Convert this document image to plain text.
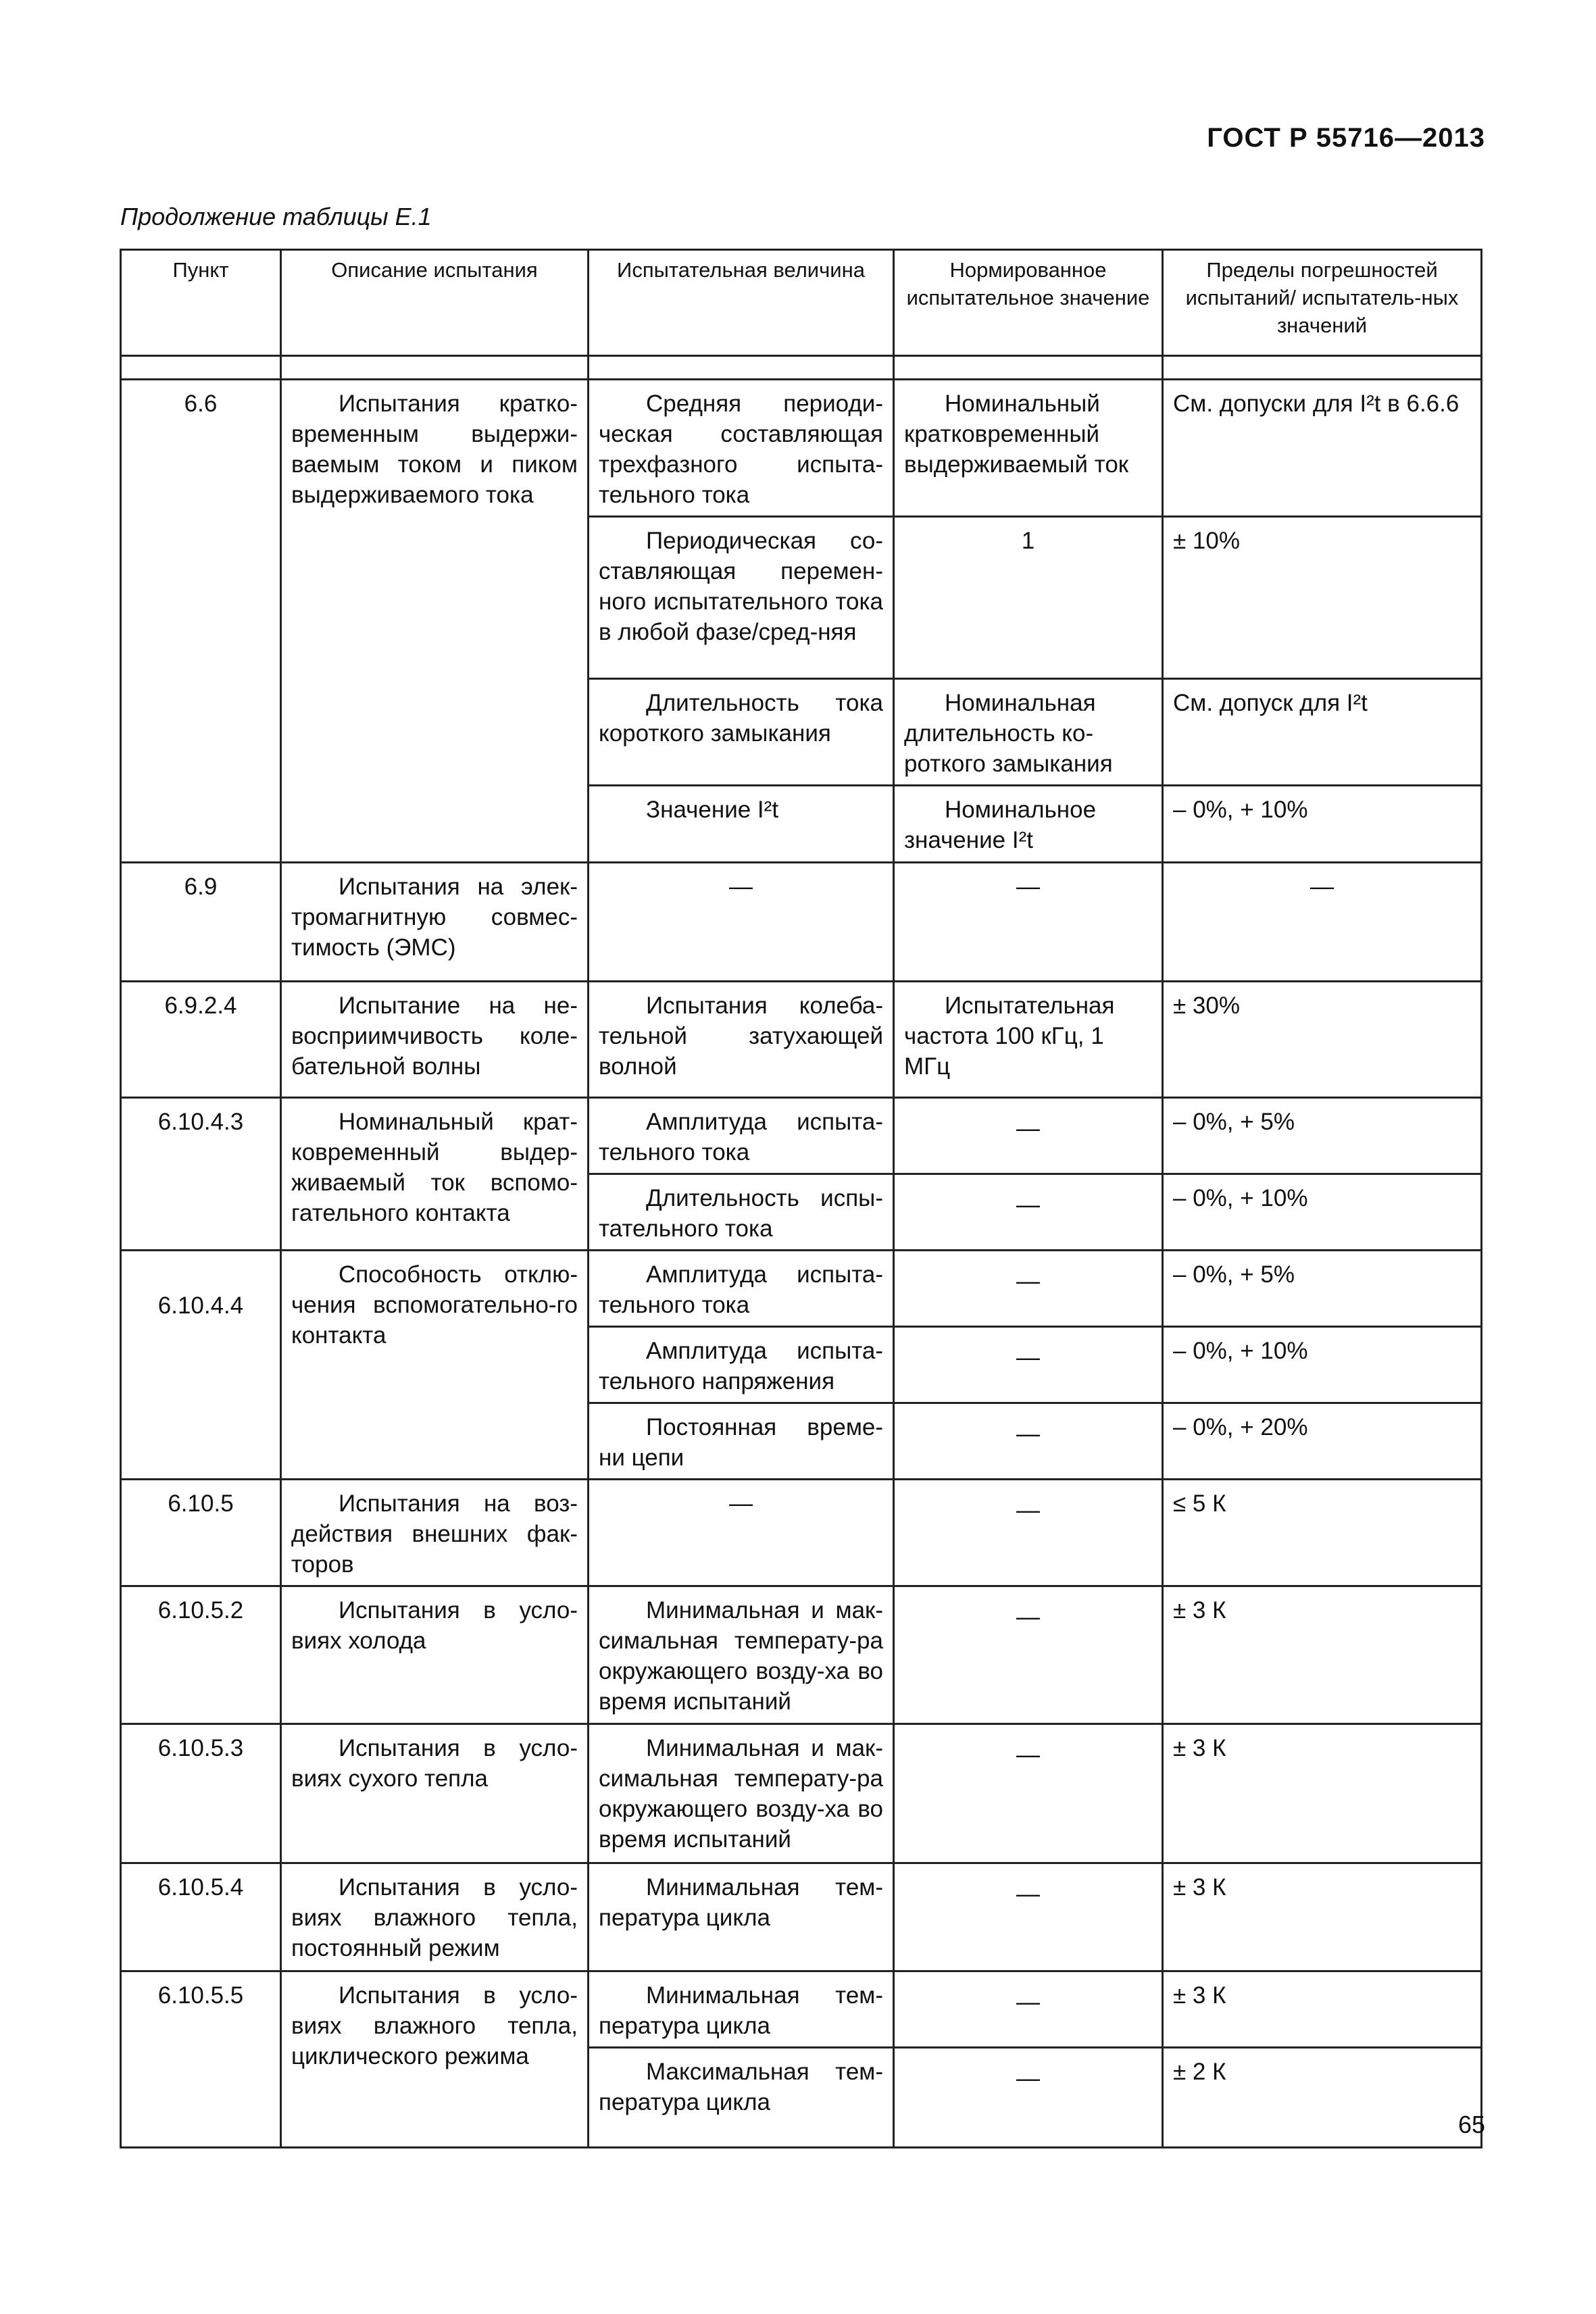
ГОСТ Р 55716—2013
Продолжение таблицы Е.1
Пункт	Описание испытания	Испытательная величина	Нормированное испытательное значение	Пределы погрешностей испытаний/ испытатель-ных значений

6.6	Испытания кратко-временным выдержи-ваемым током и пиком выдерживаемого тока	Средняя периоди-ческая составляющая трехфазного испыта-тельного тока	Номинальный кратковременный выдерживаемый ток	См. допуски для I²t в 6.6.6
		Периодическая со-ставляющая перемен-ного испытательного тока в любой фазе/сред-няя	1	± 10%
		Длительность тока короткого замыкания	Номинальная длительность ко-роткого замыкания	См. допуск для I²t
		Значение I²t	Номинальное значение I²t	– 0%, + 10%
6.9	Испытания на элек-тромагнитную совмес-тимость (ЭМС)	—	—	—
6.9.2.4	Испытание на не-восприимчивость коле-бательной волны	Испытания колеба-тельной затухающей волной	Испытательная частота 100 кГц, 1 МГц	± 30%
6.10.4.3	Номинальный крат-ковременный выдер-живаемый ток вспомо-гательного контакта	Амплитуда испыта-тельного тока	—	– 0%, + 5%
		Длительность испы-тательного тока	—	– 0%, + 10%
6.10.4.4	Способность отклю-чения вспомогательно-го контакта	Амплитуда испыта-тельного тока	—	– 0%, + 5%
		Амплитуда испыта-тельного напряжения	—	– 0%, + 10%
		Постоянная време-ни цепи	—	– 0%, + 20%
6.10.5	Испытания на воз-действия внешних фак-торов	—	—	≤ 5 К
6.10.5.2	Испытания в усло-виях холода	Минимальная и мак-симальная температу-ра окружающего возду-ха во время испытаний	—	± 3 К
6.10.5.3	Испытания в усло-виях сухого тепла	Минимальная и мак-симальная температу-ра окружающего возду-ха во время испытаний	—	± 3 К
6.10.5.4	Испытания в усло-виях влажного тепла, постоянный режим	Минимальная тем-пература цикла	—	± 3 К
6.10.5.5	Испытания в усло-виях влажного тепла, циклического режима	Минимальная тем-пература цикла	—	± 3 К
		Максимальная тем-пература цикла	—	± 2 К
65
